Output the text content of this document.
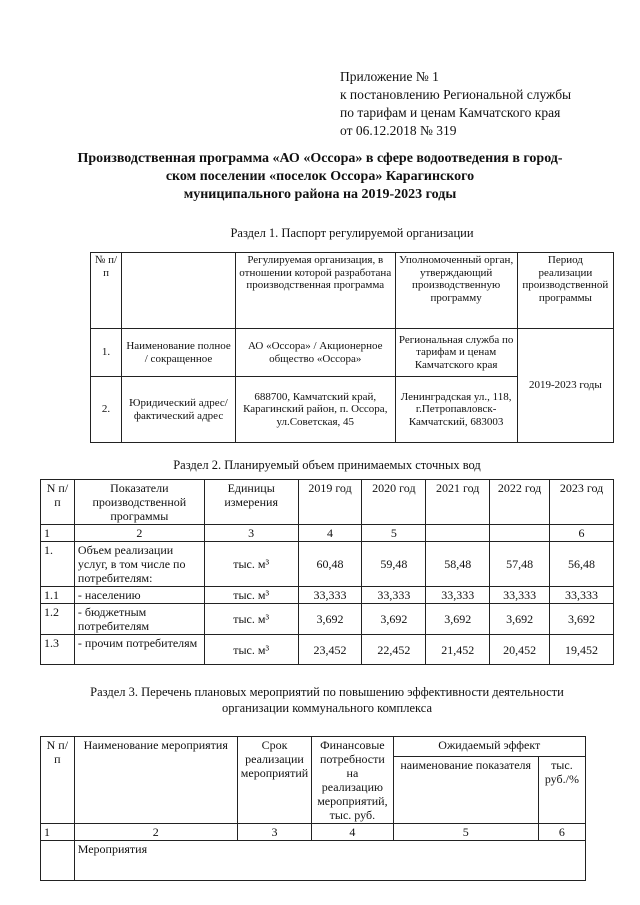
Приложение № 1
к постановлению Региональной службы
по тарифам и ценам Камчатского края
от 06.12.2018 № 319
Производственная программа «АО «Оссора» в сфере водоотведения в город-
ском поселении «поселок Оссора» Карагинского
муниципального района на 2019-2023 годы
Раздел 1. Паспорт регулируемой организации
№ п/п		Регулируемая организация, в отношении которой разработана производственная программа	Уполномоченный орган, утверждающий производственную программу	Период реализации производственной программы
1.	Наименование полное / сокращенное	АО «Оссора» / Акционерное общество «Оссора»	Региональная служба по тарифам и ценам Камчатского края	2019-2023 годы
2.	Юридический адрес/фактический адрес	688700, Камчатский край, Карагинский район, п. Оссора, ул.Советская, 45	Ленинградская ул., 118, г.Петропавловск-Камчатский, 683003	
Раздел 2. Планируемый объем принимаемых сточных вод
N п/п	Показатели производственной программы	Единицы измерения	2019 год	2020 год	2021 год	2022 год	2023 год
1	2	3	4	5			6
1.	Объем реализации услуг, в том числе по потребителям:	тыс. м³	60,48	59,48	58,48	57,48	56,48
1.1	- населению	тыс. м³	33,333	33,333	33,333	33,333	33,333
1.2	- бюджетным потребителям	тыс. м³	3,692	3,692	3,692	3,692	3,692
1.3	- прочим потребителям	тыс. м³	23,452	22,452	21,452	20,452	19,452
Раздел 3. Перечень плановых мероприятий по повышению эффективности деятельности
организации коммунального комплекса
N п/п	Наименование мероприятия	Срок реализации мероприятий	Финансовые потребности на реализацию мероприятий, тыс. руб.	Ожидаемый эффект	
				наименование показателя	тыс. руб./%
1	2	3	4	5	6
	Мероприятия				
